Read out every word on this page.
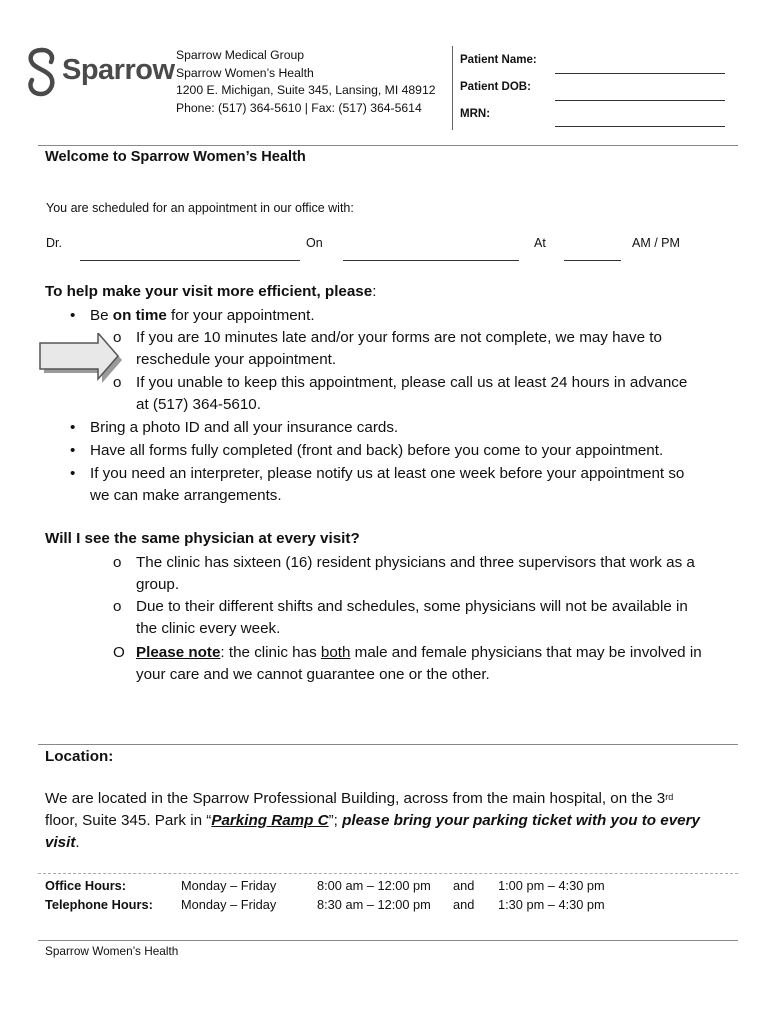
Sparrow Sparrow Medical Group
Sparrow Women’s Health
1200 E. Michigan, Suite 345, Lansing, MI 48912
Phone: (517) 364-5610 | Fax: (517) 364-5614
Patient Name:
Patient DOB:
MRN:
Welcome to Sparrow Women’s Health
You are scheduled for an appointment in our office with:
Dr.	On	At	AM / PM
To help make your visit more efficient, please:
• Be on time for your appointment.
o If you are 10 minutes late and/or your forms are not complete, we may have to
reschedule your appointment.
o If you unable to keep this appointment, please call us at least 24 hours in advance
at (517) 364-5610.
• Bring a photo ID and all your insurance cards.
• Have all forms fully completed (front and back) before you come to your appointment.
• If you need an interpreter, please notify us at least one week before your appointment so
we can make arrangements.
Will I see the same physician at every visit?
o The clinic has sixteen (16) resident physicians and three supervisors that work as a
group.
o Due to their different shifts and schedules, some physicians will not be available in
the clinic every week.
O Please note: the clinic has both male and female physicians that may be involved in
your care and we cannot guarantee one or the other.
Location:
We are located in the Sparrow Professional Building, across from the main hospital, on the 3rd
floor, Suite 345. Park in “Parking Ramp C”; please bring your parking ticket with you to every
visit.
Office Hours:	Monday – Friday	8:00 am – 12:00 pm and 1:00 pm – 4:30 pm
Telephone Hours: Monday – Friday	8:30 am – 12:00 pm and 1:30 pm – 4:30 pm
Sparrow Women’s Health
